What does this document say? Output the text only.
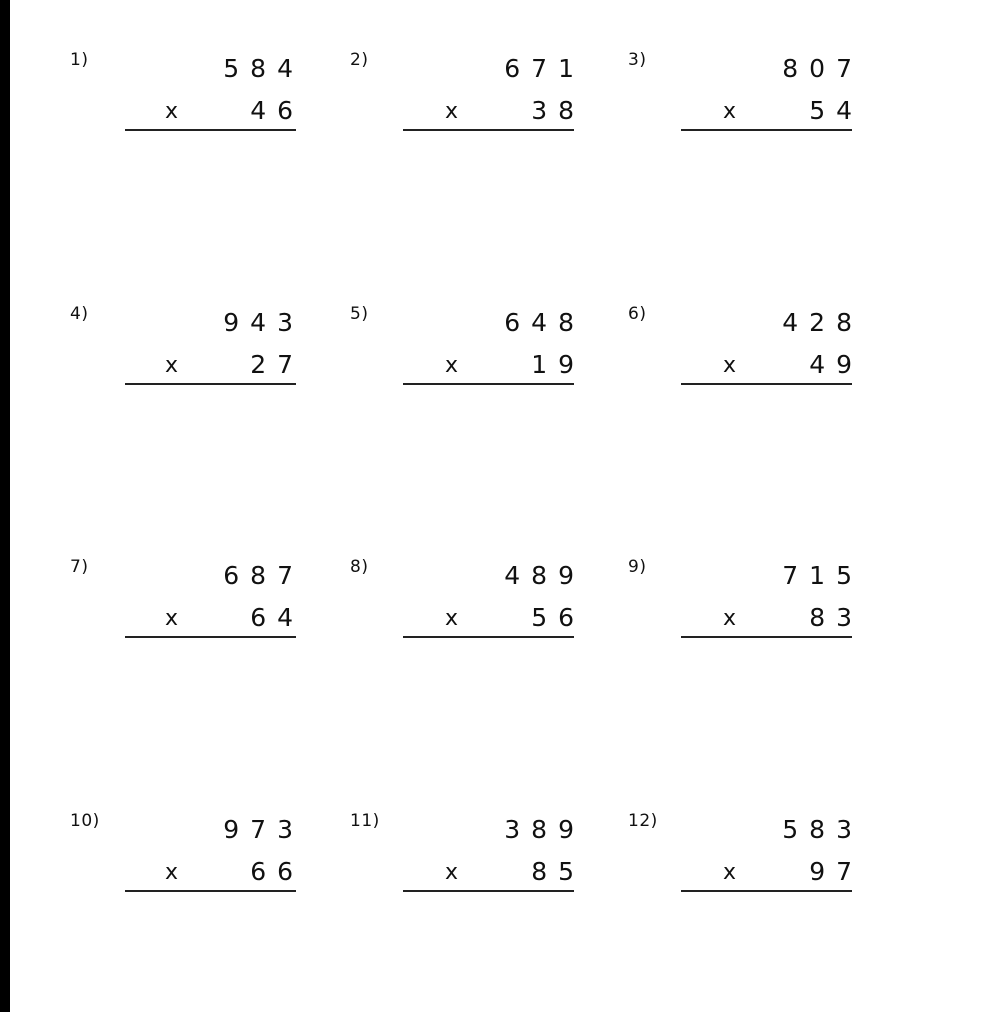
1)	584
x	46
2)	671
x	38
3)	807
x	54
4)	943
x	27
5)	648
x	19
6)	428
x	49
7)	687
x	64
8)	489
x	56
9)	715
x	83
10)	973
x	66
11)	389
x	85
12)	583
x	97
